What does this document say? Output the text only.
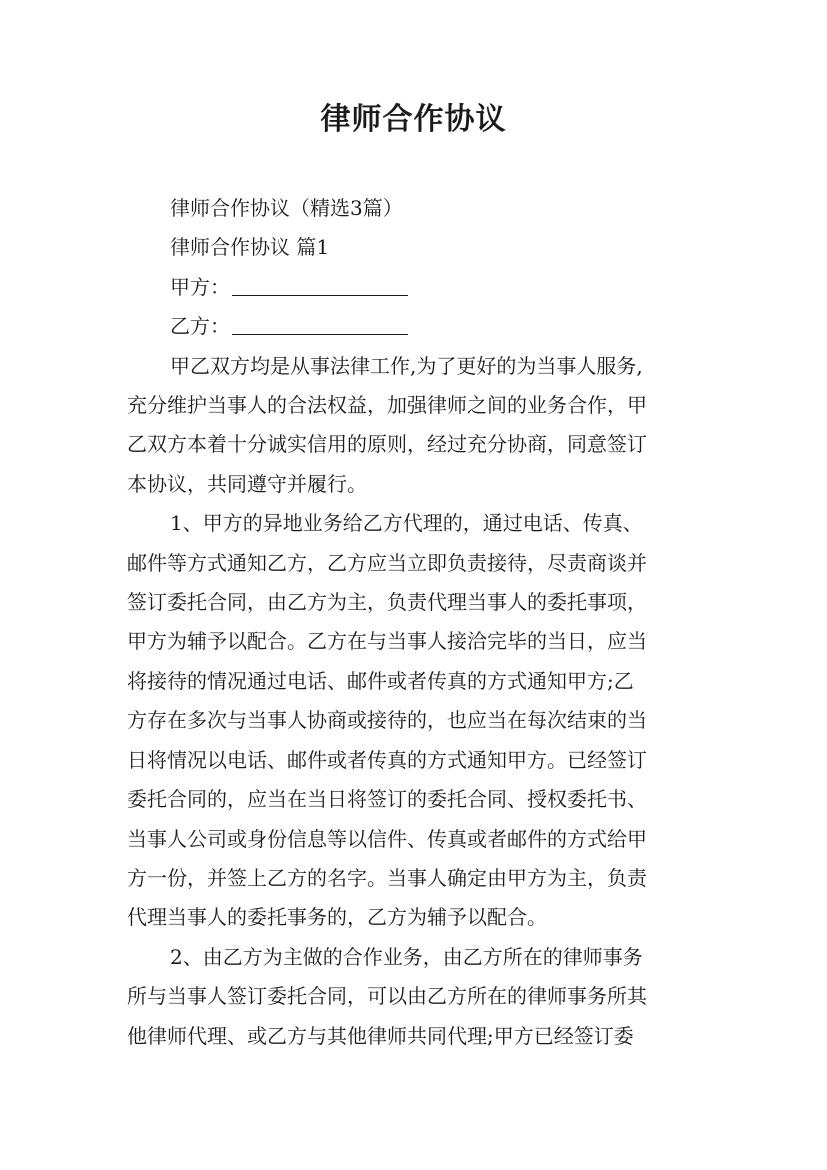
律师合作协议
律师合作协议（精选3篇）
律师合作协议 篇1
甲方：
乙方：
甲乙双方均是从事法律工作,为了更好的为当事人服务,
充分维护当事人的合法权益，加强律师之间的业务合作，甲
乙双方本着十分诚实信用的原则，经过充分协商，同意签订
本协议，共同遵守并履行。
1、甲方的异地业务给乙方代理的，通过电话、传真、
邮件等方式通知乙方，乙方应当立即负责接待，尽责商谈并
签订委托合同，由乙方为主，负责代理当事人的委托事项，
甲方为辅予以配合。乙方在与当事人接洽完毕的当日，应当
将接待的情况通过电话、邮件或者传真的方式通知甲方;乙
方存在多次与当事人协商或接待的，也应当在每次结束的当
日将情况以电话、邮件或者传真的方式通知甲方。已经签订
委托合同的，应当在当日将签订的委托合同、授权委托书、
当事人公司或身份信息等以信件、传真或者邮件的方式给甲
方一份，并签上乙方的名字。当事人确定由甲方为主，负责
代理当事人的委托事务的，乙方为辅予以配合。
2、由乙方为主做的合作业务，由乙方所在的律师事务
所与当事人签订委托合同，可以由乙方所在的律师事务所其
他律师代理、或乙方与其他律师共同代理;甲方已经签订委
